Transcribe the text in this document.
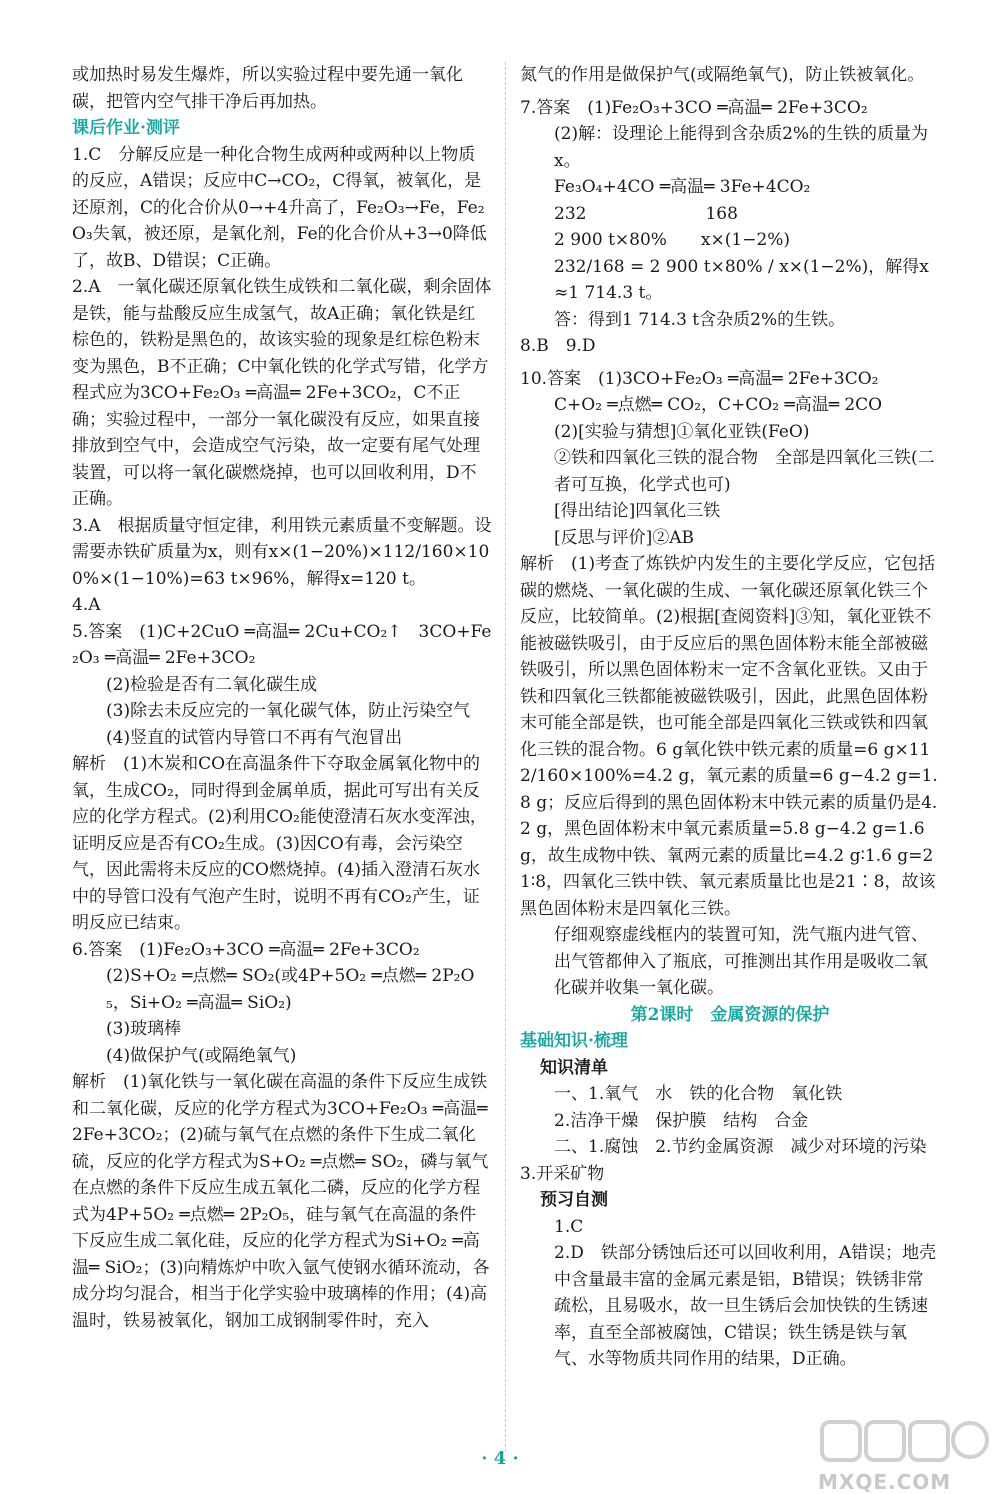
或加热时易发生爆炸，所以实验过程中要先通一氧化碳，把管内空气排干净后再加热。

课后作业·测评

1.C　分解反应是一种化合物生成两种或两种以上物质的反应，A错误；反应中C→CO₂，C得氧，被氧化，是还原剂，C的化合价从0→+4升高了，Fe₂O₃→Fe，Fe₂O₃失氧，被还原，是氧化剂，Fe的化合价从+3→0降低了，故B、D错误；C正确。

2.A　一氧化碳还原氧化铁生成铁和二氧化碳，剩余固体是铁，能与盐酸反应生成氢气，故A正确；氧化铁是红棕色的，铁粉是黑色的，故该实验的现象是红棕色粉末变为黑色，B不正确；C中氧化铁的化学式写错，化学方程式应为3CO+Fe₂O₃ ═高温═ 2Fe+3CO₂，C不正确；实验过程中，一部分一氧化碳没有反应，如果直接排放到空气中，会造成空气污染，故一定要有尾气处理装置，可以将一氧化碳燃烧掉，也可以回收利用，D不正确。

3.A　根据质量守恒定律，利用铁元素质量不变解题。设需要赤铁矿质量为x，则有x×(1−20%)×112/160×100%×(1−10%)=63 t×96%，解得x=120 t。

4.A

5.答案　(1)C+2CuO ═高温═ 2Cu+CO₂↑　3CO+Fe₂O₃ ═高温═ 2Fe+3CO₂

(2)检验是否有二氧化碳生成

(3)除去未反应完的一氧化碳气体，防止污染空气

(4)竖直的试管内导管口不再有气泡冒出

解析　(1)木炭和CO在高温条件下夺取金属氧化物中的氧，生成CO₂，同时得到金属单质，据此可写出有关反应的化学方程式。(2)利用CO₂能使澄清石灰水变浑浊，证明反应是否有CO₂生成。(3)因CO有毒，会污染空气，因此需将未反应的CO燃烧掉。(4)插入澄清石灰水中的导管口没有气泡产生时，说明不再有CO₂产生，证明反应已结束。

6.答案　(1)Fe₂O₃+3CO ═高温═ 2Fe+3CO₂

(2)S+O₂ ═点燃═ SO₂(或4P+5O₂ ═点燃═ 2P₂O₅，Si+O₂ ═高温═ SiO₂)

(3)玻璃棒

(4)做保护气(或隔绝氧气)

解析　(1)氧化铁与一氧化碳在高温的条件下反应生成铁和二氧化碳，反应的化学方程式为3CO+Fe₂O₃ ═高温═ 2Fe+3CO₂；(2)硫与氧气在点燃的条件下生成二氧化硫，反应的化学方程式为S+O₂ ═点燃═ SO₂，磷与氧气在点燃的条件下反应生成五氧化二磷，反应的化学方程式为4P+5O₂ ═点燃═ 2P₂O₅，硅与氧气在高温的条件下反应生成二氧化硅，反应的化学方程式为Si+O₂ ═高温═ SiO₂；(3)向精炼炉中吹入氩气使钢水循环流动，各成分均匀混合，相当于化学实验中玻璃棒的作用；(4)高温时，铁易被氧化，钢加工成钢制零件时，充入

氮气的作用是做保护气(或隔绝氧气)，防止铁被氧化。

7.答案　(1)Fe₂O₃+3CO ═高温═ 2Fe+3CO₂

(2)解：设理论上能得到含杂质2%的生铁的质量为x。

Fe₃O₄+4CO ═高温═ 3Fe+4CO₂

232　　　　　　　168

2 900 t×80%　　x×(1−2%)

232/168 = 2 900 t×80% / x×(1−2%)，解得x≈1 714.3 t。

答：得到1 714.3 t含杂质2%的生铁。

8.B　9.D

10.答案　(1)3CO+Fe₂O₃ ═高温═ 2Fe+3CO₂

C+O₂ ═点燃═ CO₂，C+CO₂ ═高温═ 2CO

(2)[实验与猜想]①氧化亚铁(FeO)

②铁和四氧化三铁的混合物　全部是四氧化三铁(二者可互换，化学式也可)

[得出结论]四氧化三铁

[反思与评价]②AB

解析　(1)考查了炼铁炉内发生的主要化学反应，它包括碳的燃烧、一氧化碳的生成、一氧化碳还原氧化铁三个反应，比较简单。(2)根据[查阅资料]③知，氧化亚铁不能被磁铁吸引，由于反应后的黑色固体粉末能全部被磁铁吸引，所以黑色固体粉末一定不含氧化亚铁。又由于铁和四氧化三铁都能被磁铁吸引，因此，此黑色固体粉末可能全部是铁，也可能全部是四氧化三铁或铁和四氧化三铁的混合物。6 g氧化铁中铁元素的质量=6 g×112/160×100%=4.2 g，氧元素的质量=6 g−4.2 g=1.8 g；反应后得到的黑色固体粉末中铁元素的质量仍是4.2 g，黑色固体粉末中氧元素质量=5.8 g−4.2 g=1.6 g，故生成物中铁、氧两元素的质量比=4.2 g∶1.6 g=21∶8，四氧化三铁中铁、氧元素质量比也是21∶8，故该黑色固体粉末是四氧化三铁。

仔细观察虚线框内的装置可知，洗气瓶内进气管、出气管都伸入了瓶底，可推测出其作用是吸收二氧化碳并收集一氧化碳。

第2课时　金属资源的保护

基础知识·梳理

知识清单

一、1.氧气　水　铁的化合物　氧化铁

2.洁净干燥　保护膜　结构　合金

二、1.腐蚀　2.节约金属资源　减少对环境的污染

3.开采矿物

预习自测

1.C

2.D　铁部分锈蚀后还可以回收利用，A错误；地壳中含量最丰富的金属元素是铝，B错误；铁锈非常疏松，且易吸水，故一旦生锈后会加快铁的生锈速率，直至全部被腐蚀，C错误；铁生锈是铁与氧气、水等物质共同作用的结果，D正确。

· 4 ·
MXQE.COM
